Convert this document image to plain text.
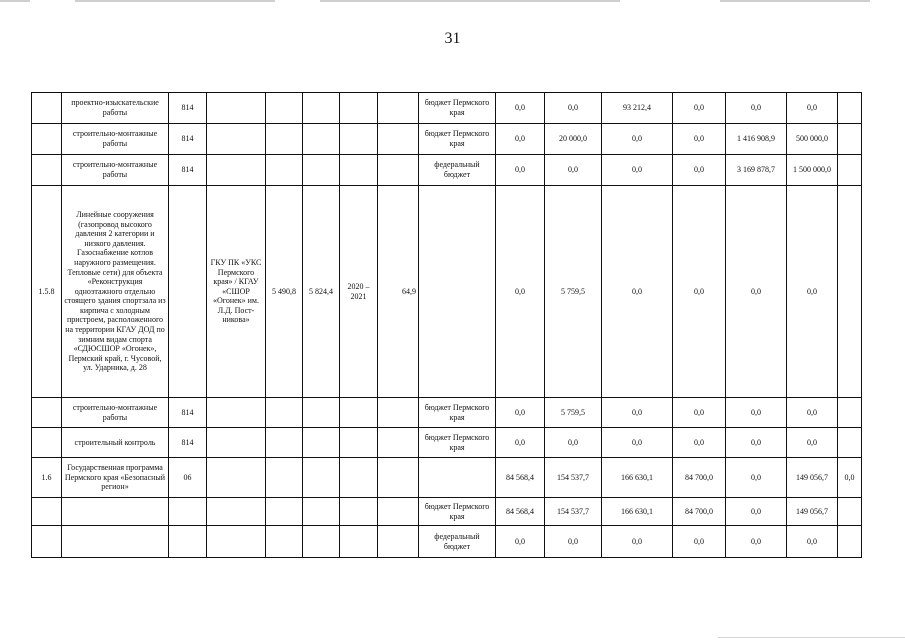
31
	проектно-изыскательские работы	814						бюджет Пермского края	0,0	0,0	93 212,4	0,0	0,0	0,0	
	строительно-монтажные работы	814						бюджет Пермского края	0,0	20 000,0	0,0	0,0	1 416 908,9	500 000,0	
	строительно-монтажные работы	814						федеральный бюджет	0,0	0,0	0,0	0,0	3 169 878,7	1 500 000,0	
1.5.8	Линейные сооружения (газопровод высокого давления 2 категории и низкого давления. Газоснабжение котлов наружного размещения. Тепловые сети) для объекта «Реконструкция одноэтажного отдельно стоящего здания спортзала из кирпича с холодным пристроем, расположенного на территории КГАУ ДОД по зимним видам спорта «СДЮСШОР «Огонек», Пермский край, г. Чусовой, ул. Ударника, д. 28		ГКУ ПК «УКС Пермского края» / КГАУ «СШОР «Огонек» им. Л.Д. Пост-никова»	5 490,8	5 824,4	2020 – 2021	64,9		0,0	5 759,5	0,0	0,0	0,0	0,0	
	строительно-монтажные работы	814						бюджет Пермского края	0,0	5 759,5	0,0	0,0	0,0	0,0	
	строительный контроль	814						бюджет Пермского края	0,0	0,0	0,0	0,0	0,0	0,0	
1.6	Государственная программа Пермского края «Безопасный регион»	06							84 568,4	154 537,7	166 630,1	84 700,0	0,0	149 056,7	0,0
								бюджет Пермского края	84 568,4	154 537,7	166 630,1	84 700,0	0,0	149 056,7	
								федеральный бюджет	0,0	0,0	0,0	0,0	0,0	0,0	
